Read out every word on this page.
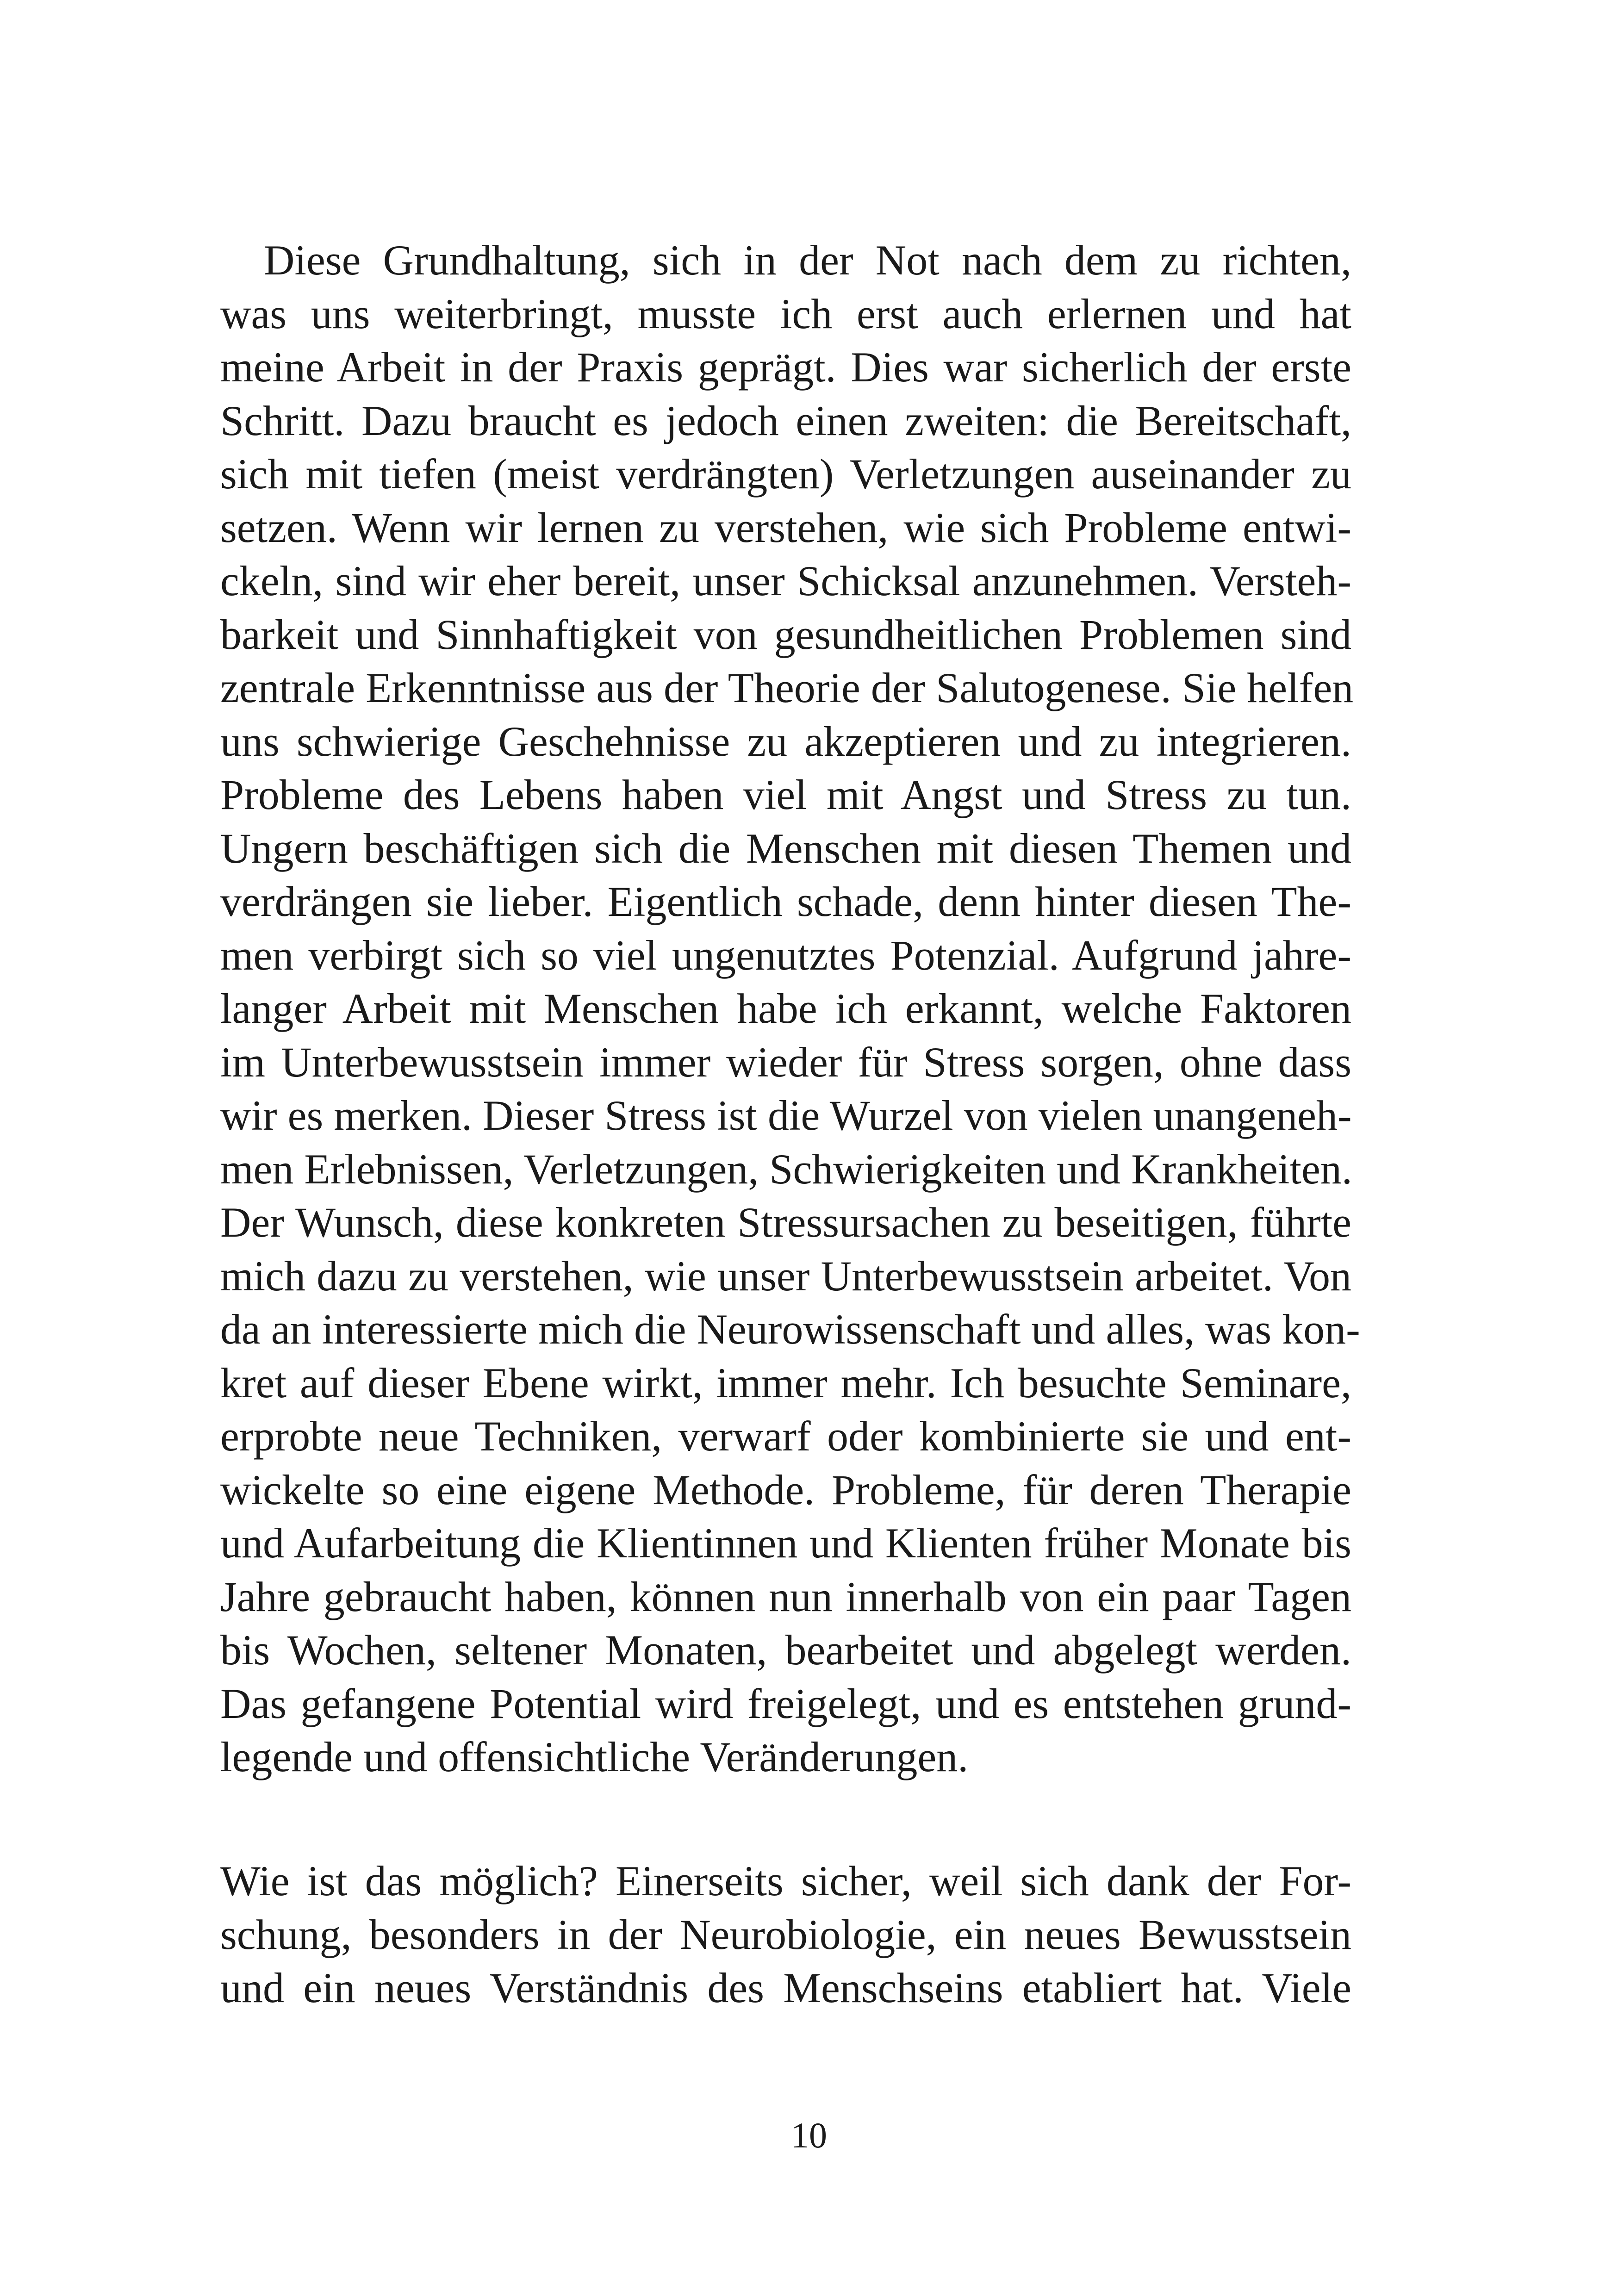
Diese Grundhaltung, sich in der Not nach dem zu richten,
was uns weiterbringt, musste ich erst auch erlernen und hat
meine Arbeit in der Praxis geprägt. Dies war sicherlich der erste
Schritt. Dazu braucht es jedoch einen zweiten: die Bereitschaft,
sich mit tiefen (meist verdrängten) Verletzungen auseinander zu
setzen. Wenn wir lernen zu verstehen, wie sich Probleme entwi-
ckeln, sind wir eher bereit, unser Schicksal anzunehmen. Versteh-
barkeit und Sinnhaftigkeit von gesundheitlichen Problemen sind
zentrale Erkenntnisse aus der Theorie der Salutogenese. Sie helfen
uns schwierige Geschehnisse zu akzeptieren und zu integrieren.
Probleme des Lebens haben viel mit Angst und Stress zu tun.
Ungern beschäftigen sich die Menschen mit diesen Themen und
verdrängen sie lieber. Eigentlich schade, denn hinter diesen The-
men verbirgt sich so viel ungenutztes Potenzial. Aufgrund jahre-
langer Arbeit mit Menschen habe ich erkannt, welche Faktoren
im Unterbewusstsein immer wieder für Stress sorgen, ohne dass
wir es merken. Dieser Stress ist die Wurzel von vielen unangeneh-
men Erlebnissen, Verletzungen, Schwierigkeiten und Krankheiten.
Der Wunsch, diese konkreten Stressursachen zu beseitigen, führte
mich dazu zu verstehen, wie unser Unterbewusstsein arbeitet. Von
da an interessierte mich die Neurowissenschaft und alles, was kon-
kret auf dieser Ebene wirkt, immer mehr. Ich besuchte Seminare,
erprobte neue Techniken, verwarf oder kombinierte sie und ent-
wickelte so eine eigene Methode. Probleme, für deren Therapie
und Aufarbeitung die Klientinnen und Klienten früher Monate bis
Jahre gebraucht haben, können nun innerhalb von ein paar Tagen
bis Wochen, seltener Monaten, bearbeitet und abgelegt werden.
Das gefangene Potential wird freigelegt, und es entstehen grund-
legende und offensichtliche Veränderungen.
Wie ist das möglich? Einerseits sicher, weil sich dank der For-
schung, besonders in der Neurobiologie, ein neues Bewusstsein
und ein neues Verständnis des Menschseins etabliert hat. Viele
10
